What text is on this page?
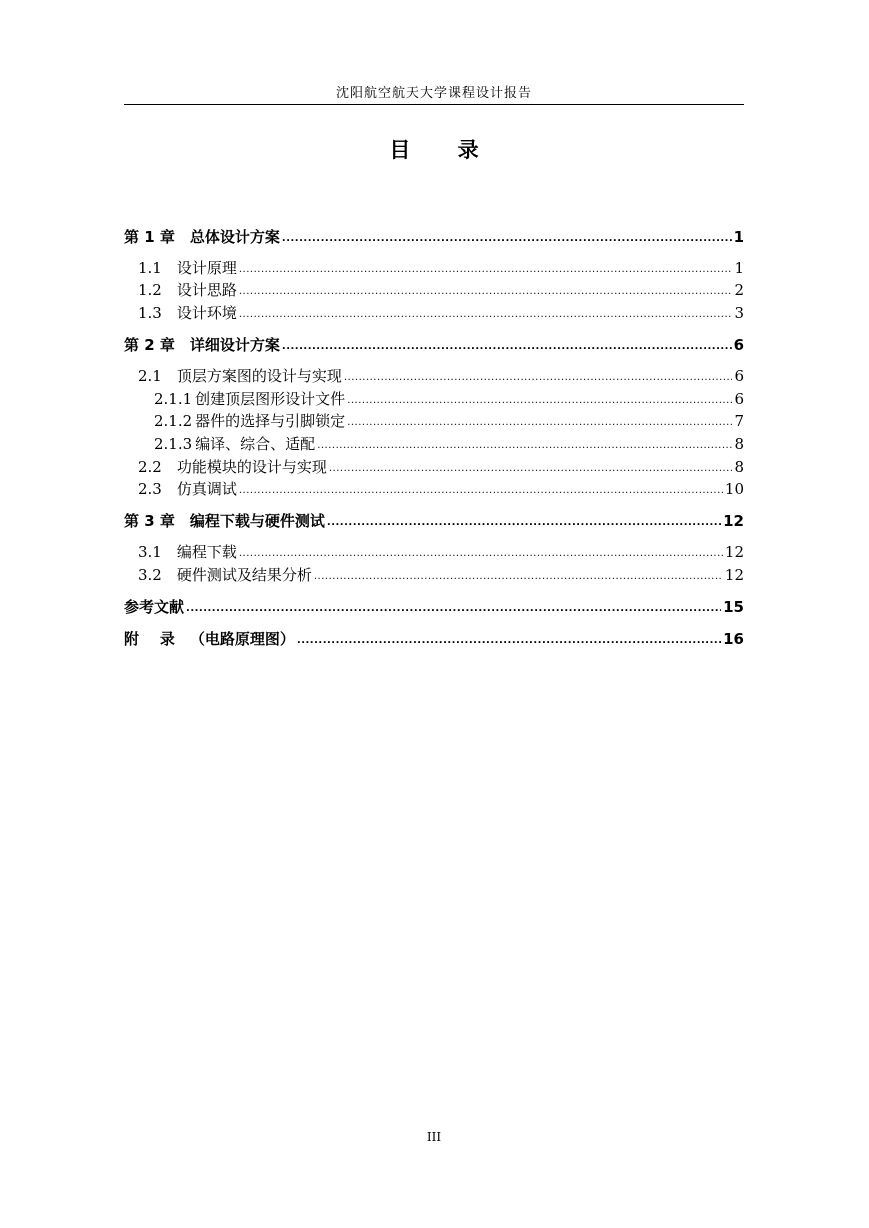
沈阳航空航天大学课程设计报告
目 录
第 1 章	总体设计方案 .....	1
1.1	设计原理 .....	1
1.2	设计思路 .....	2
1.3	设计环境 .....	3
第 2 章	详细设计方案 .....	6
2.1	顶层方案图的设计与实现 .....	6
2.1.1 创建顶层图形设计文件 .....	6
2.1.2 器件的选择与引脚锁定 .....	7
2.1.3 编译、综合、适配 .....	8
2.2	功能模块的设计与实现 .....	8
2.3	仿真调试 .....	10
第 3 章	编程下载与硬件测试 .....	12
3.1	编程下载 .....	12
3.2	硬件测试及结果分析 .....	12
参考文献 .....	15
附    录	（电路原理图） .....	16
III
